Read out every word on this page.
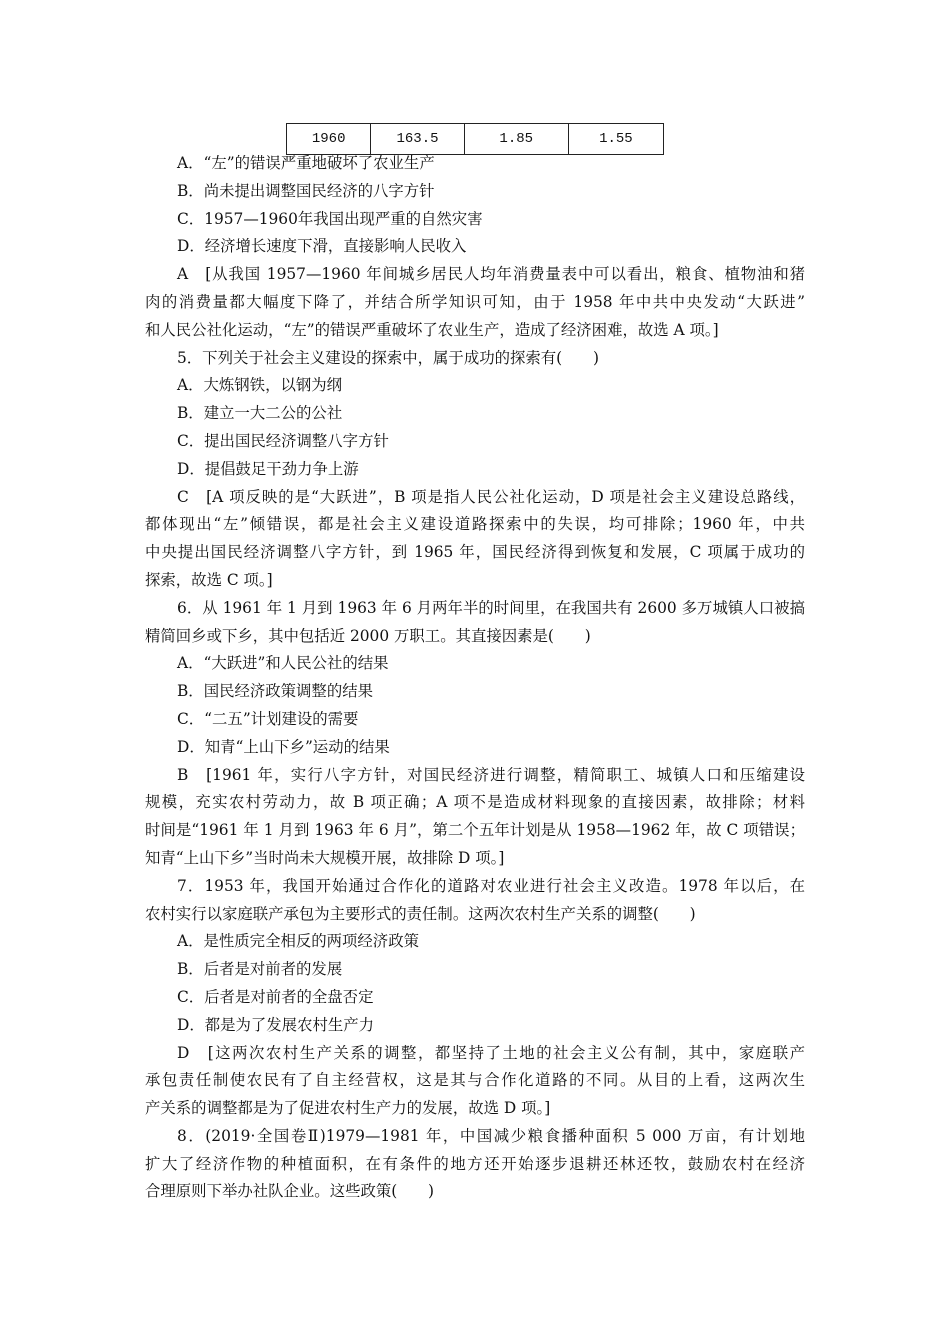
1960	163.5	1.85	1.55
A．“左”的错误严重地破坏了农业生产
B．尚未提出调整国民经济的八字方针
C．1957—1960年我国出现严重的自然灾害
D．经济增长速度下滑，直接影响人民收入
A　[从我国 1957—1960 年间城乡居民人均年消费量表中可以看出，粮食、植物油和猪
肉的消费量都大幅度下降了，并结合所学知识可知，由于 1958 年中共中央发动“大跃进”
和人民公社化运动，“左”的错误严重破坏了农业生产，造成了经济困难，故选 A 项。]
5．下列关于社会主义建设的探索中，属于成功的探索有(　　)
A．大炼钢铁，以钢为纲
B．建立一大二公的公社
C．提出国民经济调整八字方针
D．提倡鼓足干劲力争上游
C　[A 项反映的是“大跃进”，B 项是指人民公社化运动，D 项是社会主义建设总路线，
都体现出“左”倾错误，都是社会主义建设道路探索中的失误，均可排除；1960 年，中共
中央提出国民经济调整八字方针，到 1965 年，国民经济得到恢复和发展，C 项属于成功的
探索，故选 C 项。]
6．从 1961 年 1 月到 1963 年 6 月两年半的时间里，在我国共有 2600 多万城镇人口被搞
精简回乡或下乡，其中包括近 2000 万职工。其直接因素是(　　)
A．“大跃进”和人民公社的结果
B．国民经济政策调整的结果
C．“二五”计划建设的需要
D．知青“上山下乡”运动的结果
B　[1961 年，实行八字方针，对国民经济进行调整，精简职工、城镇人口和压缩建设
规模，充实农村劳动力，故 B 项正确；A 项不是造成材料现象的直接因素，故排除；材料
时间是“1961 年 1 月到 1963 年 6 月”，第二个五年计划是从 1958—1962 年，故 C 项错误；
知青“上山下乡”当时尚未大规模开展，故排除 D 项。]
7．1953 年，我国开始通过合作化的道路对农业进行社会主义改造。1978 年以后，在
农村实行以家庭联产承包为主要形式的责任制。这两次农村生产关系的调整(　　)
A．是性质完全相反的两项经济政策
B．后者是对前者的发展
C．后者是对前者的全盘否定
D．都是为了发展农村生产力
D　[这两次农村生产关系的调整，都坚持了土地的社会主义公有制，其中，家庭联产
承包责任制使农民有了自主经营权，这是其与合作化道路的不同。从目的上看，这两次生
产关系的调整都是为了促进农村生产力的发展，故选 D 项。]
8．(2019·全国卷Ⅱ)1979—1981 年，中国减少粮食播种面积 5 000 万亩，有计划地
扩大了经济作物的种植面积，在有条件的地方还开始逐步退耕还林还牧，鼓励农村在经济
合理原则下举办社队企业。这些政策(　　)
